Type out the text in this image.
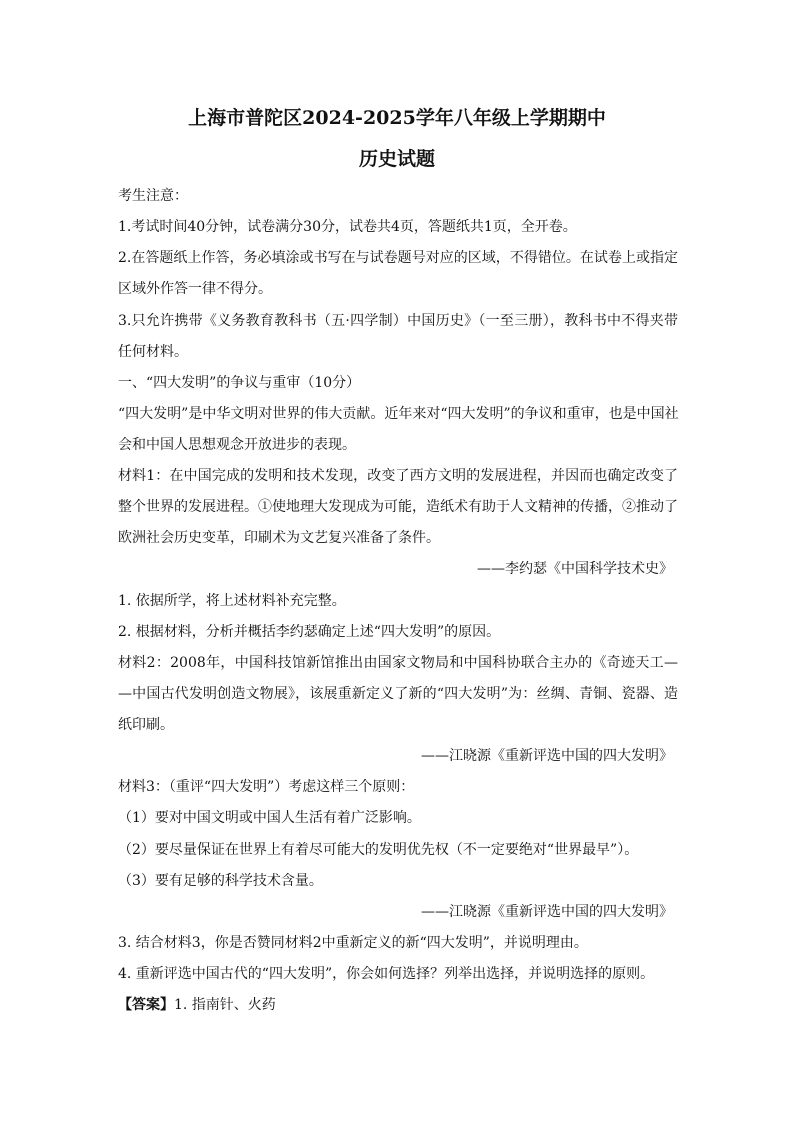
上海市普陀区2024-2025学年八年级上学期期中
历史试题

考生注意：

1.考试时间40分钟，试卷满分30分，试卷共4页，答题纸共1页，全开卷。

2.在答题纸上作答，务必填涂或书写在与试卷题号对应的区域，不得错位。在试卷上或指定

区域外作答一律不得分。

3.只允许携带《义务教育教科书（五·四学制）中国历史》（一至三册），教科书中不得夹带

任何材料。

一、“四大发明”的争议与重审（10分）

“四大发明”是中华文明对世界的伟大贡献。近年来对“四大发明”的争议和重审，也是中国社

会和中国人思想观念开放进步的表现。

材料1：在中国完成的发明和技术发现，改变了西方文明的发展进程，并因而也确定改变了

整个世界的发展进程。①使地理大发现成为可能，造纸术有助于人文精神的传播，②推动了

欧洲社会历史变革，印刷术为文艺复兴准备了条件。

——李约瑟《中国科学技术史》

1. 依据所学，将上述材料补充完整。

2. 根据材料，分析并概括李约瑟确定上述“四大发明”的原因。

材料2：2008年，中国科技馆新馆推出由国家文物局和中国科协联合主办的《奇迹天工—

—中国古代发明创造文物展》，该展重新定义了新的“四大发明”为：丝绸、青铜、瓷器、造

纸印刷。

——江晓源《重新评选中国的四大发明》

材料3：（重评“四大发明”）考虑这样三个原则：

（1）要对中国文明或中国人生活有着广泛影响。

（2）要尽量保证在世界上有着尽可能大的发明优先权（不一定要绝对“世界最早”）。

（3）要有足够的科学技术含量。

——江晓源《重新评选中国的四大发明》

3. 结合材料3，你是否赞同材料2中重新定义的新“四大发明”，并说明理由。

4. 重新评选中国古代的“四大发明”，你会如何选择？列举出选择，并说明选择的原则。

【答案】1. 指南针、火药
